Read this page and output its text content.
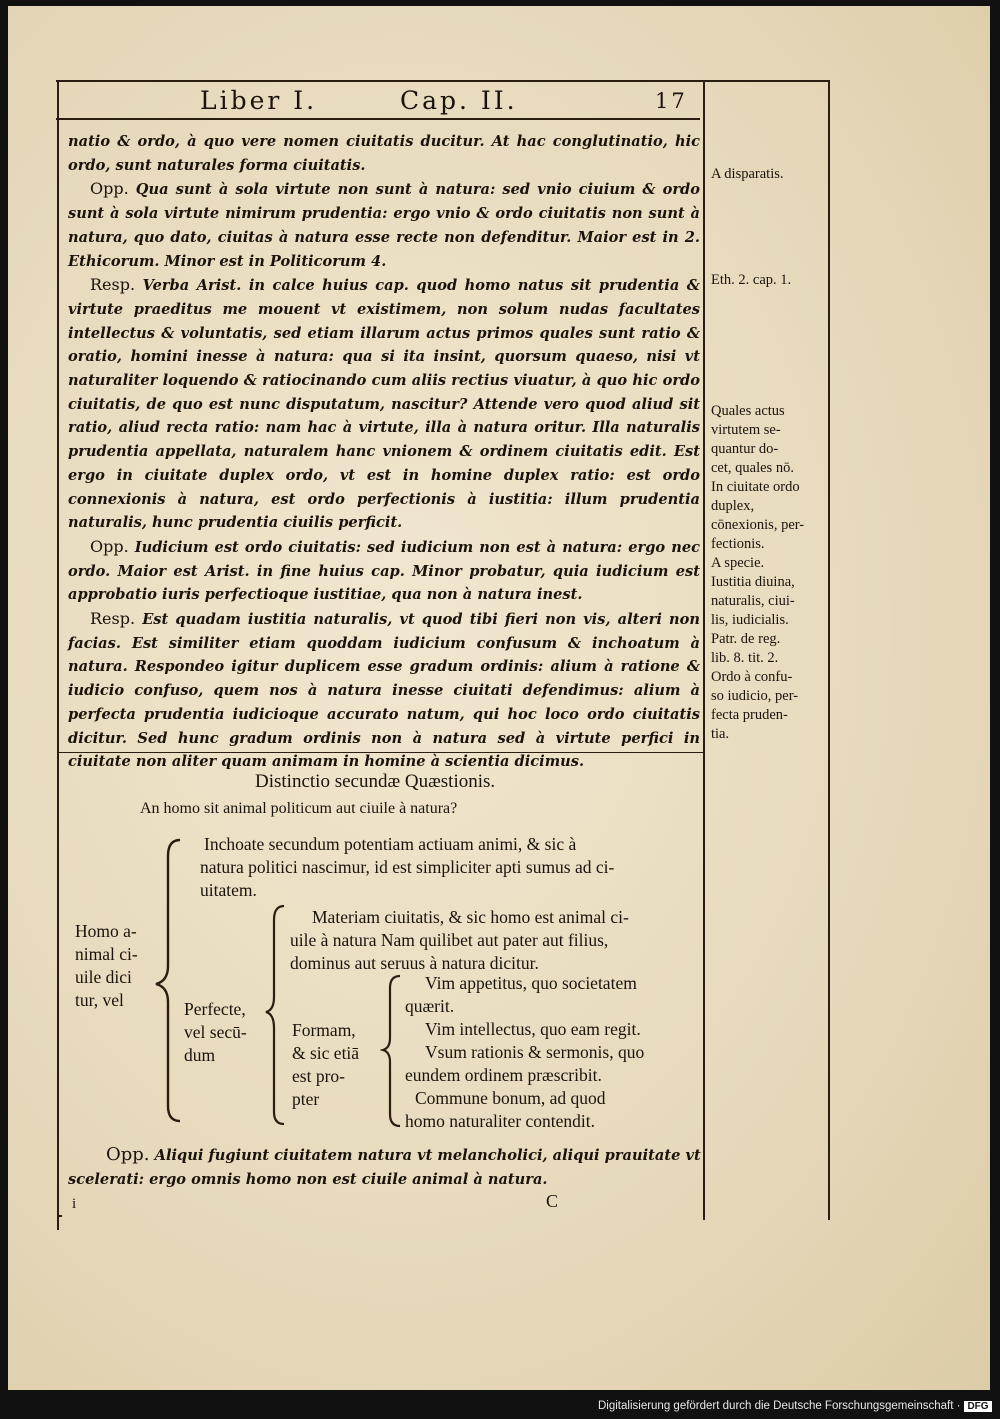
Liber I.	Cap. II.	17

natio & ordo, à quo vere nomen ciuitatis ducitur. At hac conglutinatio, hic ordo, sunt naturales forma ciuitatis.

Opp. Qua sunt à sola virtute non sunt à natura: sed vnio ciuium & ordo sunt à sola virtute nimirum prudentia: ergo vnio & ordo ciuitatis non sunt à natura, quo dato, ciuitas à natura esse recte non defenditur. Maior est in 2. Ethicorum. Minor est in Politicorum 4.

Resp. Verba Arist. in calce huius cap. quod homo natus sit prudentia & virtute praeditus me mouent vt existimem, non solum nudas facultates intellectus & voluntatis, sed etiam illarum actus primos quales sunt ratio & oratio, homini inesse à natura: qua si ita insint, quorsum quaeso, nisi vt naturaliter loquendo & ratiocinando cum aliis rectius viuatur, à quo hic ordo ciuitatis, de quo est nunc disputatum, nascitur? Attende vero quod aliud sit ratio, aliud recta ratio: nam hac à virtute, illa à natura oritur. Illa naturalis prudentia appellata, naturalem hanc vnionem & ordinem ciuitatis edit. Est ergo in ciuitate duplex ordo, vt est in homine duplex ratio: est ordo connexionis à natura, est ordo perfectionis à iustitia: illum prudentia naturalis, hunc prudentia ciuilis perficit.

Opp. Iudicium est ordo ciuitatis: sed iudicium non est à natura: ergo nec ordo. Maior est Arist. in fine huius cap. Minor probatur, quia iudicium est approbatio iuris perfectioque iustitiae, qua non à natura inest.

Resp. Est quadam iustitia naturalis, vt quod tibi fieri non vis, alteri non facias. Est similiter etiam quoddam iudicium confusum & inchoatum à natura. Respondeo igitur duplicem esse gradum ordinis: alium à ratione & iudicio confuso, quem nos à natura inesse ciuitati defendimus: alium à perfecta prudentia iudicioque accurato natum, qui hoc loco ordo ciuitatis dicitur. Sed hunc gradum ordinis non à natura sed à virtute perfici in ciuitate non aliter quam animam in homine à scientia dicimus.

A disparatis.
Eth. 2. cap. 1.
Quales actus
virtutem se-
quantur do-
cet, quales nō.
In ciuitate ordo duplex,
cōnexionis, per-
fectionis.
A specie.
Iustitia diuina,
naturalis, ciui-
lis, iudicialis.
Patr. de reg.
lib. 8. tit. 2.
Ordo à confu-
so iudicio, per-
fecta pruden-
tia.
Distinctio secundæ Quæstionis.
An homo sit animal politicum aut ciuile à natura?
Homo a-
nimal ci-
uile dici
tur, vel
Inchoate secundum potentiam actiuam animi, & sic à
natura politici nascimur, id est simpliciter apti sumus ad ci-
uitatem.
Perfecte,
vel secū-
dum
Materiam ciuitatis, & sic homo est animal ci-
uile à natura Nam quilibet aut pater aut filius,
dominus aut seruus à natura dicitur.
Formam,
& sic etiā
est pro-
pter
Vim appetitus, quo societatem
quærit.
Vim intellectus, quo eam regit.
Vsum rationis & sermonis, quo
eundem ordinem præscribit.
Commune bonum, ad quod
homo naturaliter contendit.
Opp. Aliqui fugiunt ciuitatem natura vt melancholici, aliqui prauitate vt scelerati: ergo omnis homo non est ciuile animal à natura.
C
i
Digitalisierung gefördert durch die Deutsche Forschungsgemeinschaft · DFG
